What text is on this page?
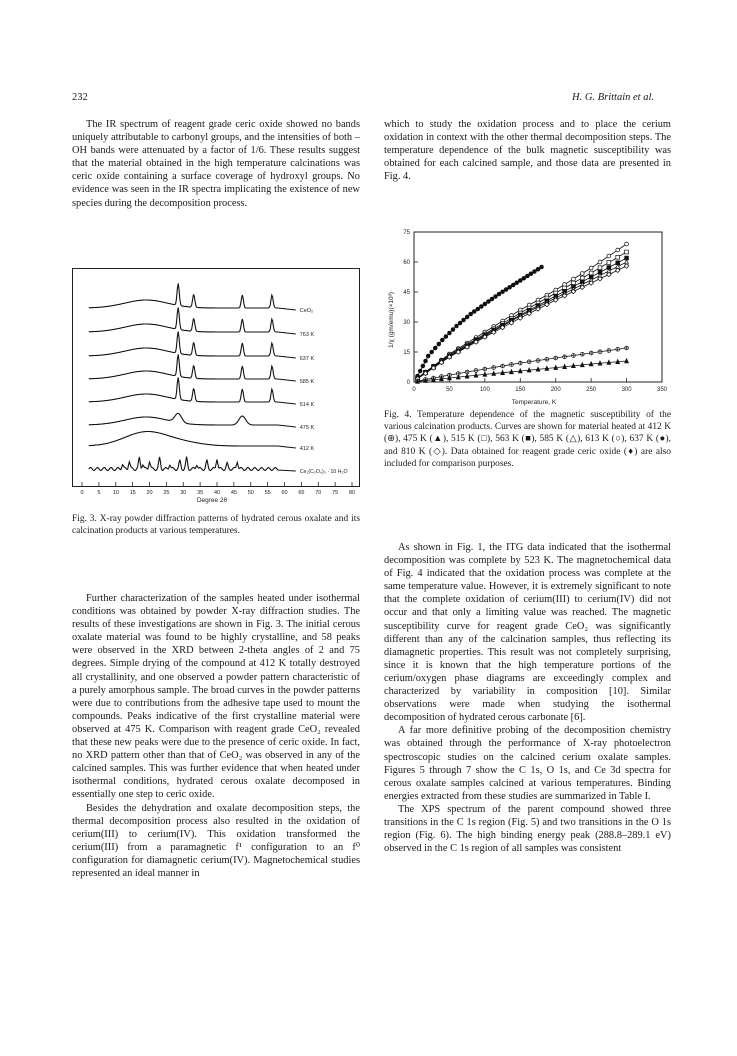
232	H. G. Brittain et al.

The IR spectrum of reagent grade ceric oxide showed no bands uniquely attributable to carbonyl groups, and the intensities of both –OH bands were attenuated by a factor of 1/6. These results suggest that the material obtained in the high temperature calcinations was ceric oxide containing a surface coverage of hydroxyl groups. No evidence was seen in the IR spectra implicating the existence of new species during the decomposition process.

CeO₂
763 K
637 K
585 K
514 K
475 K
412 K
Ce₂(C₂O₄)₃ · 10 H₂O
0	5 10 15 20 25 30 35 40 45 50 55 60 65 70 75 80
Degree 2θ
Fig. 3. X-ray powder diffraction patterns of hydrated cerous oxalate and its calcination products at various temperatures.

Further characterization of the samples heated under isothermal conditions was obtained by powder X-ray diffraction studies. The results of these investigations are shown in Fig. 3. The initial cerous oxalate material was found to be highly crystalline, and 58 peaks were observed in the XRD between 2-theta angles of 2 and 75 degrees. Simple drying of the compound at 412 K totally destroyed all crystallinity, and one observed a powder pattern characteristic of a purely amorphous sample. The broad curves in the powder patterns were due to contributions from the adhesive tape used to mount the compounds. Peaks indicative of the first crystalline material were observed at 475 K. Comparison with reagent grade CeO₂ revealed that these new peaks were due to the presence of ceric oxide. In fact, no XRD pattern other than that of CeO₂ was observed in any of the calcined samples. This was further evidence that when heated under isothermal conditions, hydrated cerous oxalate decomposed in essentially one step to ceric oxide.

Besides the dehydration and oxalate decomposition steps, the thermal decomposition process also resulted in the oxidation of cerium(III) to cerium(IV). This oxidation transformed the cerium(III) from a paramagnetic f¹ configuration to an f⁰ configuration for diamagnetic cerium(IV). Magnetochemical studies represented an ideal manner in

which to study the oxidation process and to place the cerium oxidation in context with the other thermal decomposition steps. The temperature dependence of the bulk magnetic susceptibility was obtained for each calcined sample, and those data are presented in Fig. 4.

0	50	100	150	200	250	300	350
0
15
30
45
60
75
Temperature, K
1/χ (gm/emu)(×10³)
Fig. 4. Temperature dependence of the magnetic susceptibility of the various calcination products. Curves are shown for material heated at 412 K (⊕), 475 K (▲), 515 K (□), 563 K (■), 585 K (△), 613 K (○), 637 K (●), and 810 K (◇). Data obtained for reagent grade ceric oxide (♦) are also included for comparison purposes.

As shown in Fig. 1, the ITG data indicated that the isothermal decomposition was complete by 523 K. The magnetochemical data of Fig. 4 indicated that the oxidation process was complete at the same temperature value. However, it is extremely significant to note that the complete oxidation of cerium(III) to cerium(IV) did not occur and that only a limiting value was reached. The magnetic susceptibility curve for reagent grade CeO₂ was significantly different than any of the calcination samples, thus reflecting its diamagnetic properties. This result was not completely surprising, since it is known that the high temperature portions of the cerium/oxygen phase diagrams are exceedingly complex and characterized by variability in composition [10]. Similar observations were made when studying the isothermal decomposition of hydrated cerous carbonate [6].

A far more definitive probing of the decomposition chemistry was obtained through the performance of X-ray photoelectron spectroscopic studies on the calcined cerium oxalate samples. Figures 5 through 7 show the C 1s, O 1s, and Ce 3d spectra for cerous oxalate samples calcined at various temperatures. Binding energies extracted from these studies are summarized in Table I.

The XPS spectrum of the parent compound showed three transitions in the C 1s region (Fig. 5) and two transitions in the O 1s region (Fig. 6). The high binding energy peak (288.8–289.1 eV) observed in the C 1s region of all samples was consistent
